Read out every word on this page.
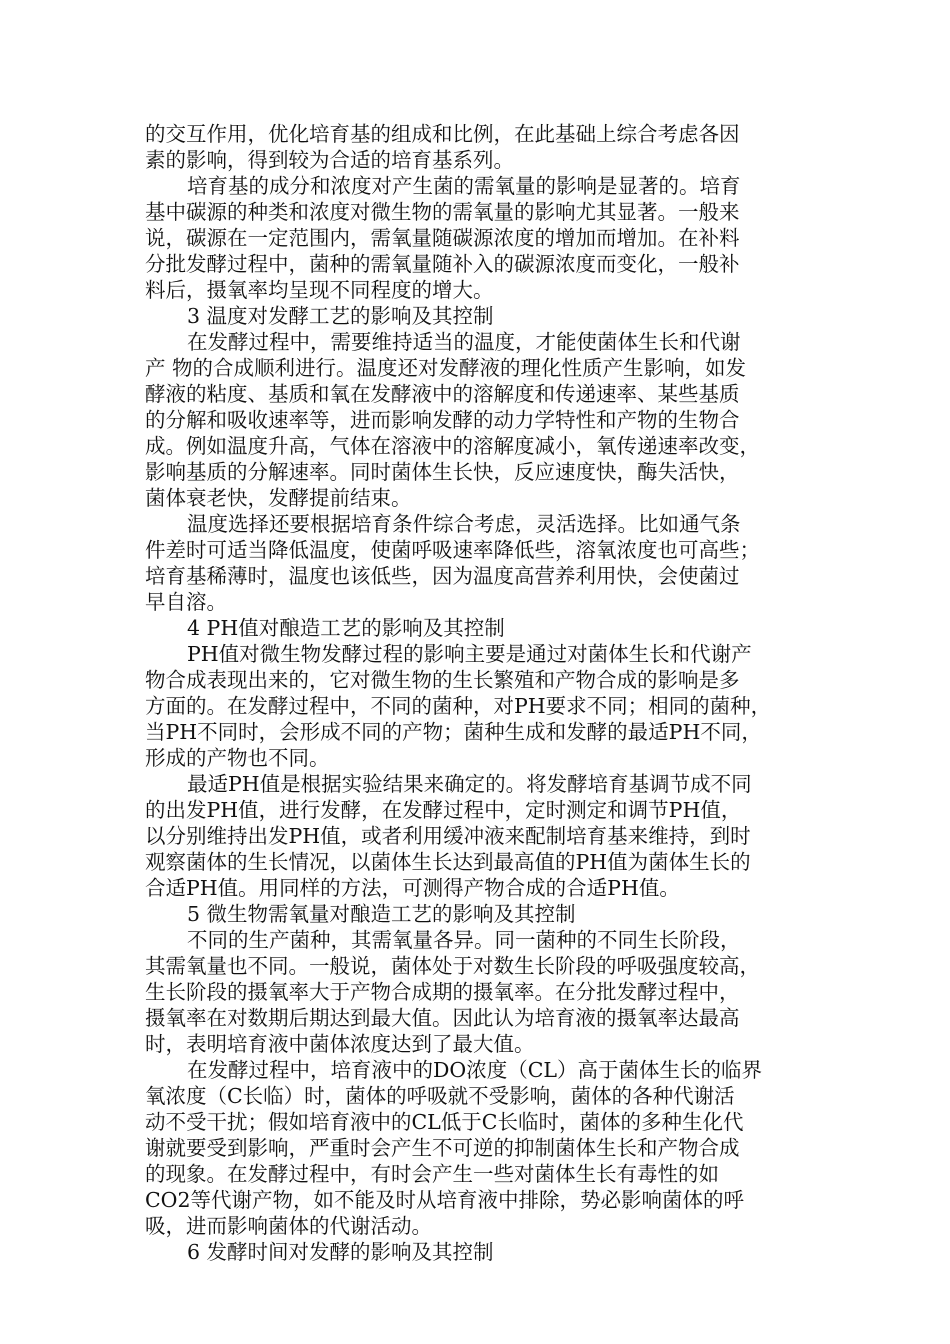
的交互作用，优化培育基的组成和比例，在此基础上综合考虑各因
素的影响，得到较为合适的培育基系列。
培育基的成分和浓度对产生菌的需氧量的影响是显著的。培育
基中碳源的种类和浓度对微生物的需氧量的影响尤其显著。一般来
说，碳源在一定范围内，需氧量随碳源浓度的增加而增加。在补料
分批发酵过程中，菌种的需氧量随补入的碳源浓度而变化，一般补
料后，摄氧率均呈现不同程度的增大。
3 温度对发酵工艺的影响及其控制
在发酵过程中，需要维持适当的温度，才能使菌体生长和代谢
产 物的合成顺利进行。温度还对发酵液的理化性质产生影响，如发
酵液的粘度、基质和氧在发酵液中的溶解度和传递速率、某些基质
的分解和吸收速率等，进而影响发酵的动力学特性和产物的生物合
成。例如温度升高，气体在溶液中的溶解度减小，氧传递速率改变，
影响基质的分解速率。同时菌体生长快，反应速度快，酶失活快，
菌体衰老快，发酵提前结束。
温度选择还要根据培育条件综合考虑，灵活选择。比如通气条
件差时可适当降低温度，使菌呼吸速率降低些，溶氧浓度也可高些；
培育基稀薄时，温度也该低些，因为温度高营养利用快，会使菌过
早自溶。
4 PH值对酿造工艺的影响及其控制
PH值对微生物发酵过程的影响主要是通过对菌体生长和代谢产
物合成表现出来的，它对微生物的生长繁殖和产物合成的影响是多
方面的。在发酵过程中，不同的菌种，对PH要求不同；相同的菌种，
当PH不同时，会形成不同的产物；菌种生成和发酵的最适PH不同，
形成的产物也不同。
最适PH值是根据实验结果来确定的。将发酵培育基调节成不同
的出发PH值，进行发酵，在发酵过程中，定时测定和调节PH值，
以分别维持出发PH值，或者利用缓冲液来配制培育基来维持，到时
观察菌体的生长情况，以菌体生长达到最高值的PH值为菌体生长的
合适PH值。用同样的方法，可测得产物合成的合适PH值。
5 微生物需氧量对酿造工艺的影响及其控制
不同的生产菌种，其需氧量各异。同一菌种的不同生长阶段，
其需氧量也不同。一般说，菌体处于对数生长阶段的呼吸强度较高，
生长阶段的摄氧率大于产物合成期的摄氧率。在分批发酵过程中，
摄氧率在对数期后期达到最大值。因此认为培育液的摄氧率达最高
时，表明培育液中菌体浓度达到了最大值。
在发酵过程中，培育液中的DO浓度（CL）高于菌体生长的临界
氧浓度（C长临）时，菌体的呼吸就不受影响，菌体的各种代谢活
动不受干扰；假如培育液中的CL低于C长临时，菌体的多种生化代
谢就要受到影响，严重时会产生不可逆的抑制菌体生长和产物合成
的现象。在发酵过程中，有时会产生一些对菌体生长有毒性的如
CO2等代谢产物，如不能及时从培育液中排除，势必影响菌体的呼
吸，进而影响菌体的代谢活动。
6 发酵时间对发酵的影响及其控制
